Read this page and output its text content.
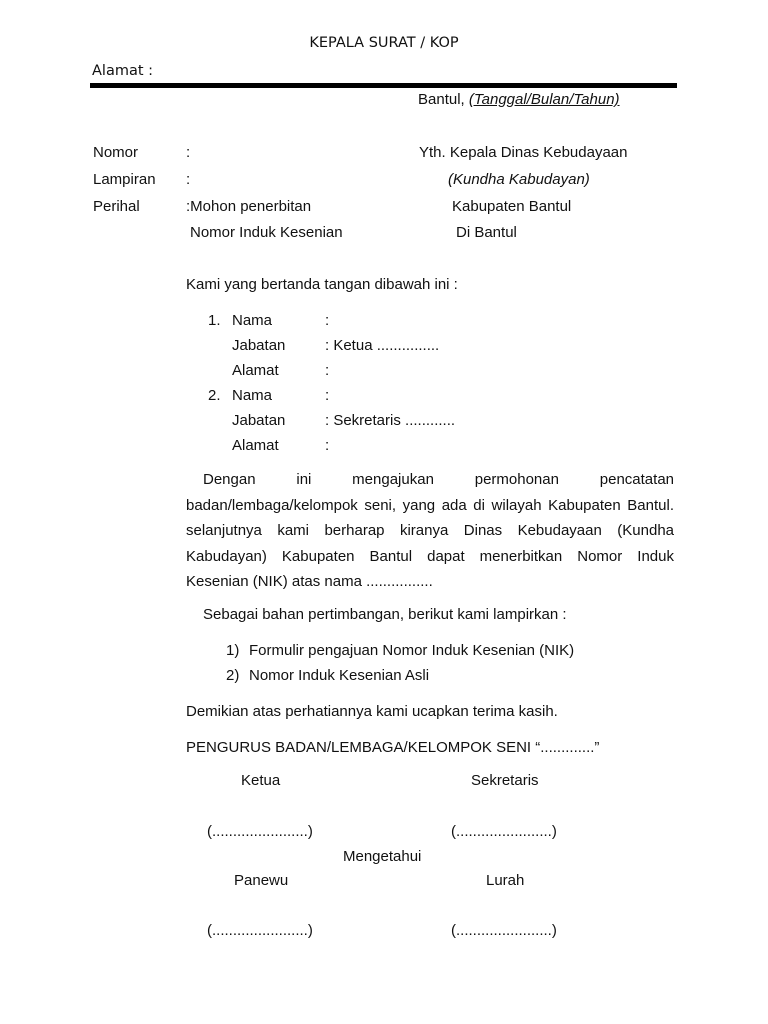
KEPALA SURAT / KOP
Alamat :
Bantul, (Tanggal/Bulan/Tahun)
Nomor	:
Lampiran :
Perihal	:Mohon penerbitan
Nomor Induk Kesenian
Yth. Kepala Dinas Kebudayaan
(Kundha Kabudayan)
Kabupaten Bantul
Di Bantul
Kami yang bertanda tangan dibawah ini :
1. Nama	:
Jabatan	: Ketua ...............
Alamat	:
2. Nama	:
Jabatan	: Sekretaris ............
Alamat	:
Dengan ini mengajukan permohonan pencatatan badan/lembaga/kelompok seni, yang ada di wilayah Kabupaten Bantul. selanjutnya kami berharap kiranya Dinas Kebudayaan (Kundha Kabudayan) Kabupaten Bantul dapat menerbitkan Nomor Induk Kesenian (NIK) atas nama ................
Sebagai bahan pertimbangan, berikut kami lampirkan :
1) Formulir pengajuan Nomor Induk Kesenian (NIK)
2) Nomor Induk Kesenian Asli
Demikian atas perhatiannya kami ucapkan terima kasih.
PENGURUS BADAN/LEMBAGA/KELOMPOK SENI “.............”
Ketua	Sekretaris
(.......................)	(.......................)
Mengetahui
Panewu	Lurah
(.......................)	(.......................)
